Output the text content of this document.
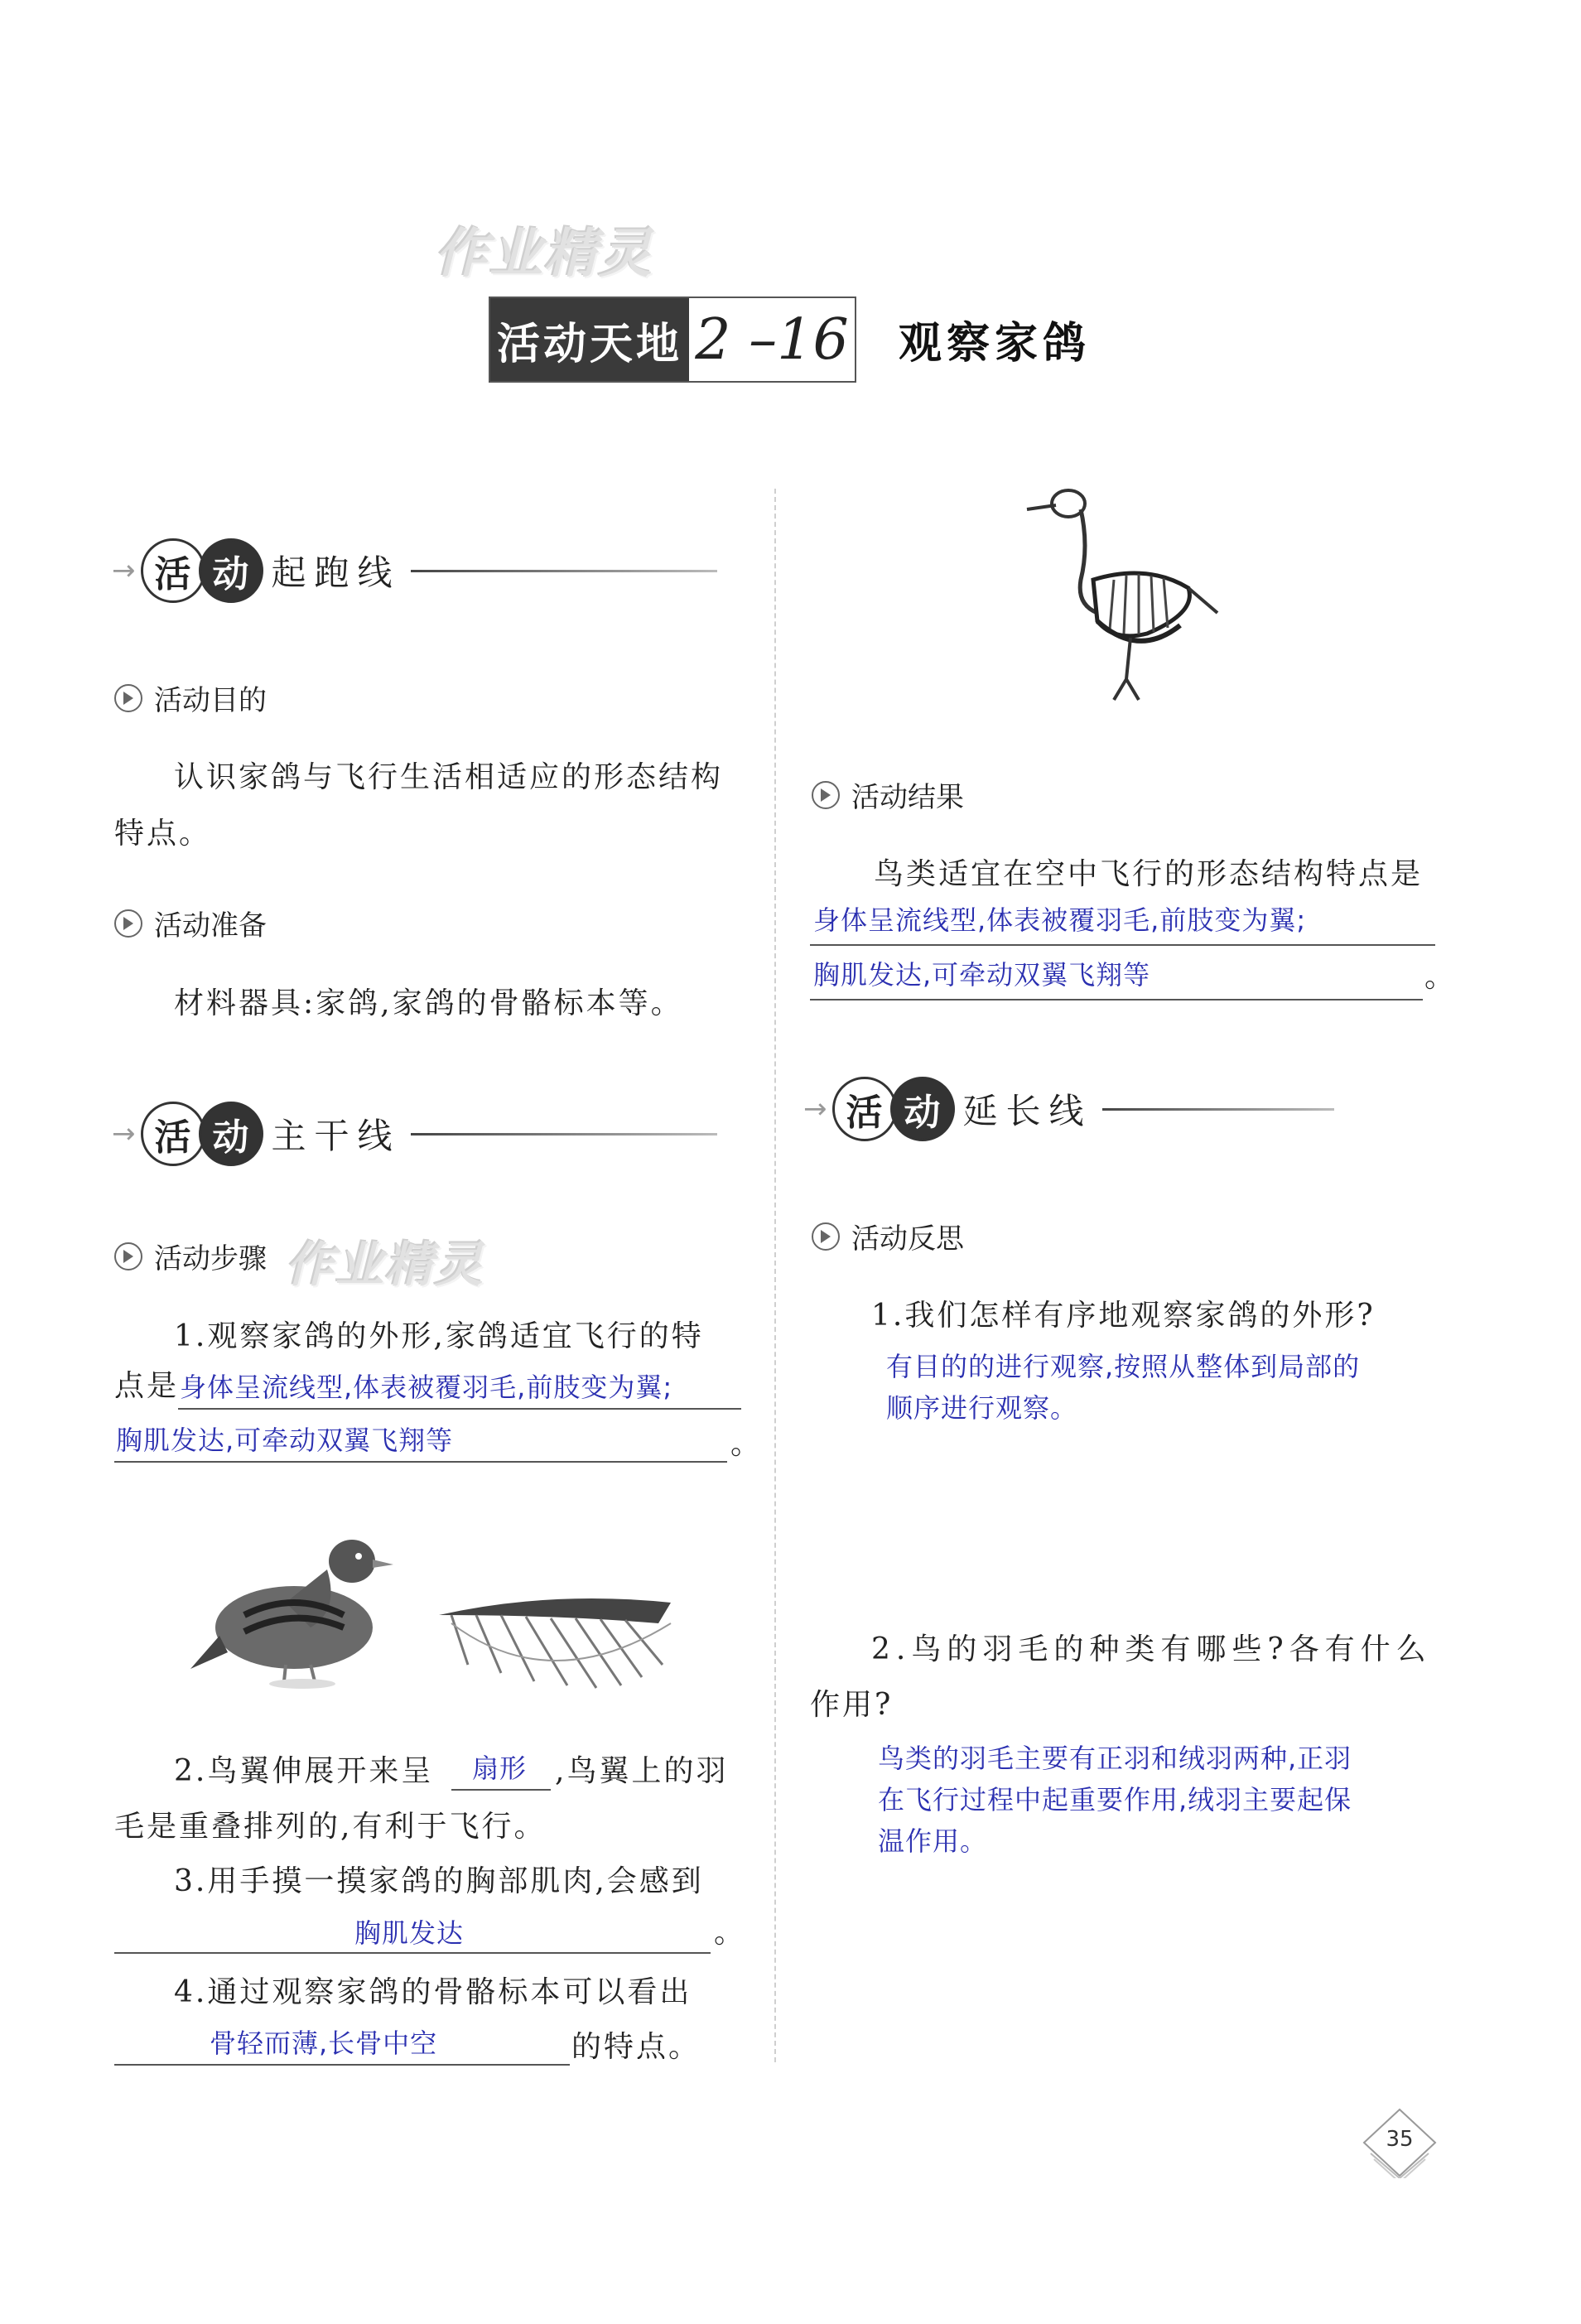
作业精灵
活动天地 2 –16 观察家鸽
→ 活 动 起跑线
活动目的
认识家鸽与飞行生活相适应的形态结构特点。
活动准备
材料器具:家鸽,家鸽的骨骼标本等。
→ 活 动 主干线
活动步骤 作业精灵
1.观察家鸽的外形,家鸽适宜飞行的特
点是 身体呈流线型,体表被覆羽毛,前肢变为翼;
胸肌发达,可牵动双翼飞翔等	。
2.鸟翼伸展开来呈 扇形 ,鸟翼上的羽
毛是重叠排列的,有利于飞行。
3.用手摸一摸家鸽的胸部肌肉,会感到
胸肌发达	。
4.通过观察家鸽的骨骼标本可以看出
骨轻而薄,长骨中空	的特点。
活动结果
鸟类适宜在空中飞行的形态结构特点是
身体呈流线型,体表被覆羽毛,前肢变为翼;
胸肌发达,可牵动双翼飞翔等	。
→ 活 动 延长线
活动反思
1.我们怎样有序地观察家鸽的外形?
有目的的进行观察,按照从整体到局部的
顺序进行观察。
2.鸟的羽毛的种类有哪些?各有什么
作用?
鸟类的羽毛主要有正羽和绒羽两种,正羽
在飞行过程中起重要作用,绒羽主要起保
温作用。
35
